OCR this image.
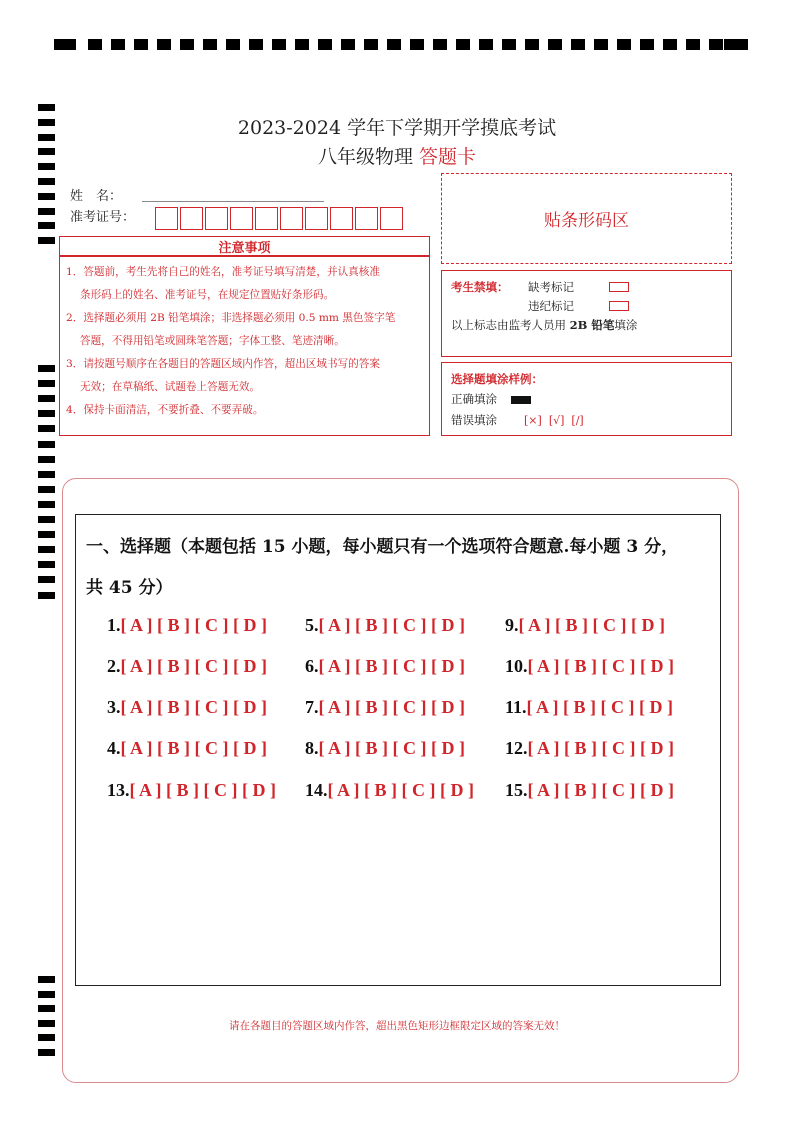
2023-2024 学年下学期开学摸底考试
八年级物理 答题卡
姓　名：
准考证号：	贴条形码区
注意事项
1．答题前，考生先将自己的姓名，准考证号填写清楚，并认真核准
条形码上的姓名、准考证号，在规定位置贴好条形码。
2．选择题必须用 2B 铅笔填涂；非选择题必须用 0.5 mm 黑色签字笔
答题，不得用铅笔或圆珠笔答题；字体工整、笔迹清晰。
3．请按题号顺序在各题目的答题区域内作答，超出区域书写的答案
无效；在草稿纸、试题卷上答题无效。
4．保持卡面清洁，不要折叠、不要弄破。
考生禁填： 缺考标记
违纪标记
以上标志由监考人员用 2B 铅笔填涂
选择题填涂样例：
正确填涂
错误填涂 [×] [√] [/]
一、选择题（本题包括 15 小题，每小题只有一个选项符合题意.每小题 3 分，
共 45 分）
1.[ A ] [ B ] [ C ] [ D ] 5.[ A ] [ B ] [ C ] [ D ] 9.[ A ] [ B ] [ C ] [ D ]
2.[ A ] [ B ] [ C ] [ D ] 6.[ A ] [ B ] [ C ] [ D ] 10.[ A ] [ B ] [ C ] [ D ]
3.[ A ] [ B ] [ C ] [ D ] 7.[ A ] [ B ] [ C ] [ D ] 11.[ A ] [ B ] [ C ] [ D ]
4.[ A ] [ B ] [ C ] [ D ] 8.[ A ] [ B ] [ C ] [ D ] 12.[ A ] [ B ] [ C ] [ D ]
13.[ A ] [ B ] [ C ] [ D ] 14.[ A ] [ B ] [ C ] [ D ] 15.[ A ] [ B ] [ C ] [ D ]
请在各题目的答题区域内作答，超出黑色矩形边框限定区域的答案无效！
